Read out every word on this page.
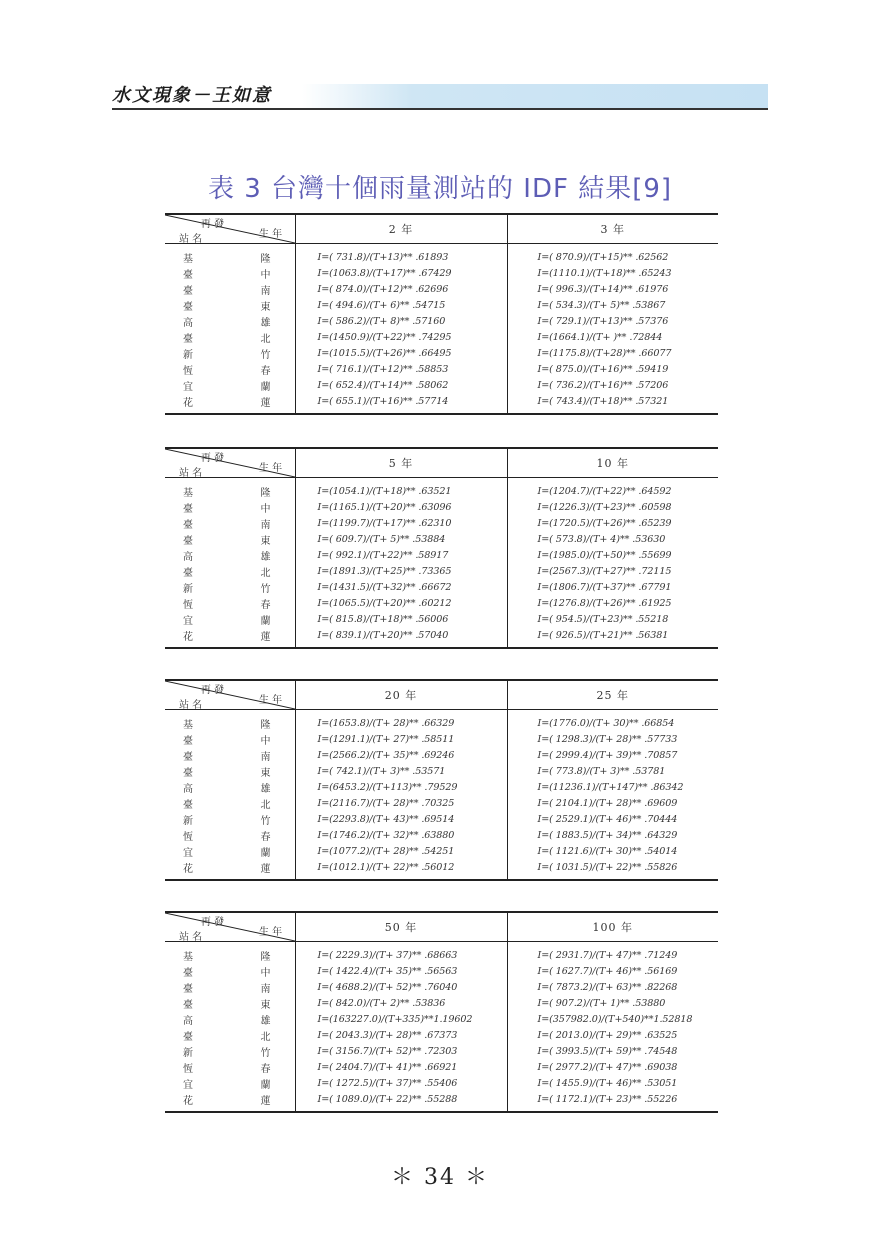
水文現象－王如意
表 3 台灣十個雨量測站的 IDF 結果[9]
再 發
生 年
站 名	2 年	3 年

基 隆	I=( 731.8)/(T+13)** .61893	I=( 870.9)/(T+15)** .62562

臺 中	I=(1063.8)/(T+17)** .67429	I=(1110.1)/(T+18)** .65243

臺 南	I=( 874.0)/(T+12)** .62696	I=( 996.3)/(T+14)** .61976

臺 東	I=( 494.6)/(T+ 6)** .54715	I=( 534.3)/(T+ 5)** .53867

高 雄	I=( 586.2)/(T+ 8)** .57160	I=( 729.1)/(T+13)** .57376

臺 北	I=(1450.9)/(T+22)** .74295	I=(1664.1)/(T+ )** .72844

新 竹	I=(1015.5)/(T+26)** .66495	I=(1175.8)/(T+28)** .66077

恆 春	I=( 716.1)/(T+12)** .58853	I=( 875.0)/(T+16)** .59419

宜 蘭	I=( 652.4)/(T+14)** .58062	I=( 736.2)/(T+16)** .57206

花 蓮	I=( 655.1)/(T+16)** .57714	I=( 743.4)/(T+18)** .57321
再 發
生 年
站 名	5 年	10 年

基 隆	I=(1054.1)/(T+18)** .63521	I=(1204.7)/(T+22)** .64592

臺 中	I=(1165.1)/(T+20)** .63096	I=(1226.3)/(T+23)** .60598

臺 南	I=(1199.7)/(T+17)** .62310	I=(1720.5)/(T+26)** .65239

臺 東	I=( 609.7)/(T+ 5)** .53884	I=( 573.8)/(T+ 4)** .53630

高 雄	I=( 992.1)/(T+22)** .58917	I=(1985.0)/(T+50)** .55699

臺 北	I=(1891.3)/(T+25)** .73365	I=(2567.3)/(T+27)** .72115

新 竹	I=(1431.5)/(T+32)** .66672	I=(1806.7)/(T+37)** .67791

恆 春	I=(1065.5)/(T+20)** .60212	I=(1276.8)/(T+26)** .61925

宜 蘭	I=( 815.8)/(T+18)** .56006	I=( 954.5)/(T+23)** .55218

花 蓮	I=( 839.1)/(T+20)** .57040	I=( 926.5)/(T+21)** .56381
再 發
生 年
站 名	20 年	25 年

基 隆	I=(1653.8)/(T+ 28)** .66329	I=(1776.0)/(T+ 30)** .66854

臺 中	I=(1291.1)/(T+ 27)** .58511	I=( 1298.3)/(T+ 28)** .57733

臺 南	I=(2566.2)/(T+ 35)** .69246	I=( 2999.4)/(T+ 39)** .70857

臺 東	I=( 742.1)/(T+ 3)** .53571	I=( 773.8)/(T+ 3)** .53781

高 雄	I=(6453.2)/(T+113)** .79529	I=(11236.1)/(T+147)** .86342

臺 北	I=(2116.7)/(T+ 28)** .70325	I=( 2104.1)/(T+ 28)** .69609

新 竹	I=(2293.8)/(T+ 43)** .69514	I=( 2529.1)/(T+ 46)** .70444

恆 春	I=(1746.2)/(T+ 32)** .63880	I=( 1883.5)/(T+ 34)** .64329

宜 蘭	I=(1077.2)/(T+ 28)** .54251	I=( 1121.6)/(T+ 30)** .54014

花 蓮	I=(1012.1)/(T+ 22)** .56012	I=( 1031.5)/(T+ 22)** .55826
再 發
生 年
站 名	50 年	100 年

基 隆	I=( 2229.3)/(T+ 37)** .68663	I=( 2931.7)/(T+ 47)** .71249

臺 中	I=( 1422.4)/(T+ 35)** .56563	I=( 1627.7)/(T+ 46)** .56169

臺 南	I=( 4688.2)/(T+ 52)** .76040	I=( 7873.2)/(T+ 63)** .82268

臺 東	I=( 842.0)/(T+ 2)** .53836	I=( 907.2)/(T+ 1)** .53880

高 雄	I=(163227.0)/(T+335)**1.19602	I=(357982.0)/(T+540)**1.52818

臺 北	I=( 2043.3)/(T+ 28)** .67373	I=( 2013.0)/(T+ 29)** .63525

新 竹	I=( 3156.7)/(T+ 52)** .72303	I=( 3993.5)/(T+ 59)** .74548

恆 春	I=( 2404.7)/(T+ 41)** .66921	I=( 2977.2)/(T+ 47)** .69038

宜 蘭	I=( 1272.5)/(T+ 37)** .55406	I=( 1455.9)/(T+ 46)** .53051

花 蓮	I=( 1089.0)/(T+ 22)** .55288	I=( 1172.1)/(T+ 23)** .55226
＊ 34 ＊
